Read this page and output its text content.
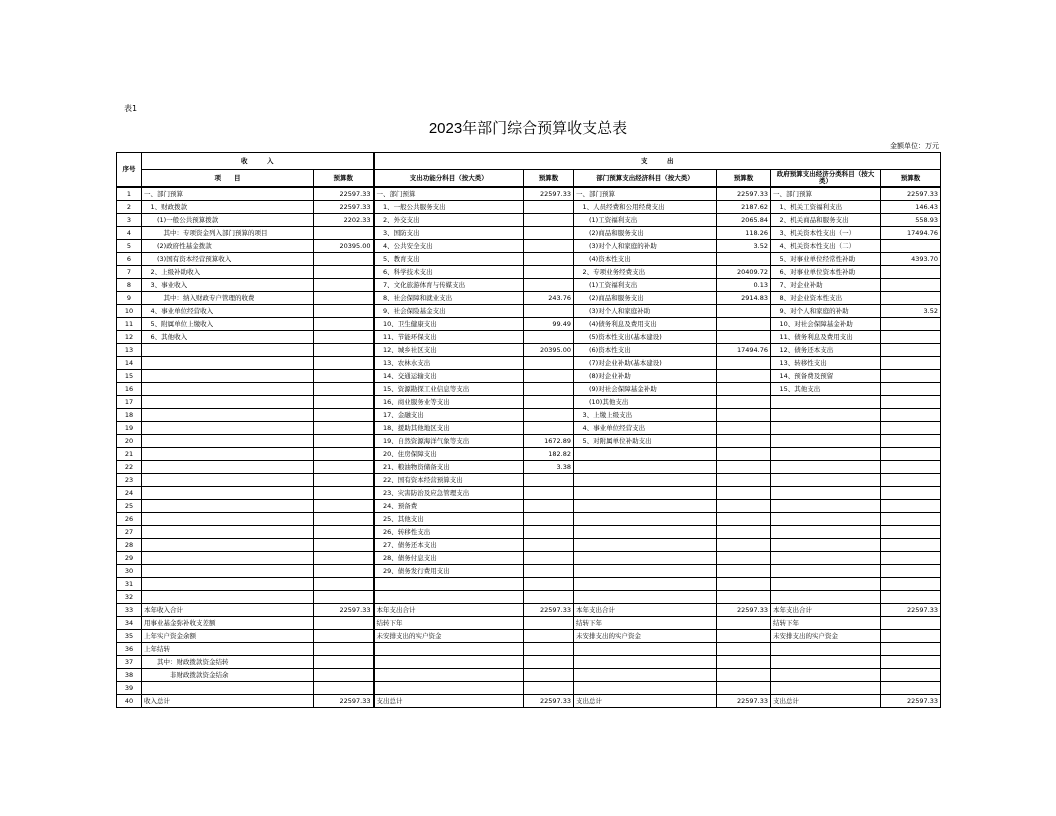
表1
2023年部门综合预算收支总表
金额单位：万元
序号	收　　　入		支　　　出					
	项　　目	预算数	支出功能分科目（按大类）	预算数	部门预算支出经济科目（按大类）	预算数	政府预算支出经济分类科目（按大类）	预算数
1	一、部门预算	22597.33	一、部门预算	22597.33	一、部门预算	22597.33	一、部门预算	22597.33
2	　1、财政拨款	22597.33	　1、一般公共服务支出		　1、人员经费和公用经费支出	2187.62	　1、机关工资福利支出	146.43
3	　　(1)一般公共预算拨款	2202.33	　2、外交支出		　　(1)工资福利支出	2065.84	　2、机关商品和服务支出	558.93
4	　　　其中：专项资金列入部门预算的项目		　3、国防支出		　　(2)商品和服务支出	118.26	　3、机关资本性支出（一）	17494.76
5	　　(2)政府性基金拨款	20395.00	　4、公共安全支出		　　(3)对个人和家庭的补助	3.52	　4、机关资本性支出（二）	
6	　　(3)国有资本经营预算收入		　5、教育支出		　　(4)资本性支出		　5、对事业单位经常性补助	4393.70
7	　2、上级补助收入		　6、科学技术支出		　2、专项业务经费支出	20409.72	　6、对事业单位资本性补助	
8	　3、事业收入		　7、文化旅游体育与传媒支出		　　(1)工资福利支出	0.13	　7、对企业补助	
9	　　　其中：纳入财政专户管理的收费		　8、社会保障和就业支出	243.76	　　(2)商品和服务支出	2914.83	　8、对企业资本性支出	
10	　4、事业单位经营收入		　9、社会保险基金支出		　　(3)对个人和家庭补助		　9、对个人和家庭的补助	3.52
11	　5、附属单位上缴收入		　10、卫生健康支出	99.49	　　(4)债务利息及费用支出		　10、对社会保障基金补助	
12	　6、其他收入		　11、节能环保支出		　　(5)资本性支出(基本建设)		　11、债务利息及费用支出	
13			　12、城乡社区支出	20395.00	　　(6)资本性支出	17494.76	　12、债务还本支出	
14			　13、农林水支出		　　(7)对企业补助(基本建设)		　13、转移性支出	
15			　14、交通运输支出		　　(8)对企业补助		　14、预备费及预留	
16			　15、资源勘探工业信息等支出		　　(9)对社会保障基金补助		　15、其他支出	
17			　16、商业服务业等支出		　　(10)其他支出			
18			　17、金融支出		　3、上缴上级支出			
19			　18、援助其他地区支出		　4、事业单位经营支出			
20			　19、自然资源海洋气象等支出	1672.89	　5、对附属单位补助支出			
21			　20、住房保障支出	182.82				
22			　21、粮油物资储备支出	3.38				
23			　22、国有资本经营预算支出					
24			　23、灾害防治及应急管理支出					
25			　24、预备费					
26			　25、其他支出					
27			　26、转移性支出					
28			　27、债务还本支出					
29			　28、债务付息支出					
30			　29、债务发行费用支出					
31								
32								
33	本年收入合计	22597.33	本年支出合计	22597.33	本年支出合计	22597.33	本年支出合计	22597.33
34	用事业基金弥补收支差额		结转下年		结转下年		结转下年	
35	上年实户资金余额		未安排支出的实户资金		未安排支出的实户资金		未安排支出的实户资金	
36	上年结转							
37	　　其中：财政拨款资金结转							
38	　　　　非财政拨款资金结余							
39								
40	收入总计	22597.33	支出总计	22597.33	支出总计	22597.33	支出总计	22597.33
